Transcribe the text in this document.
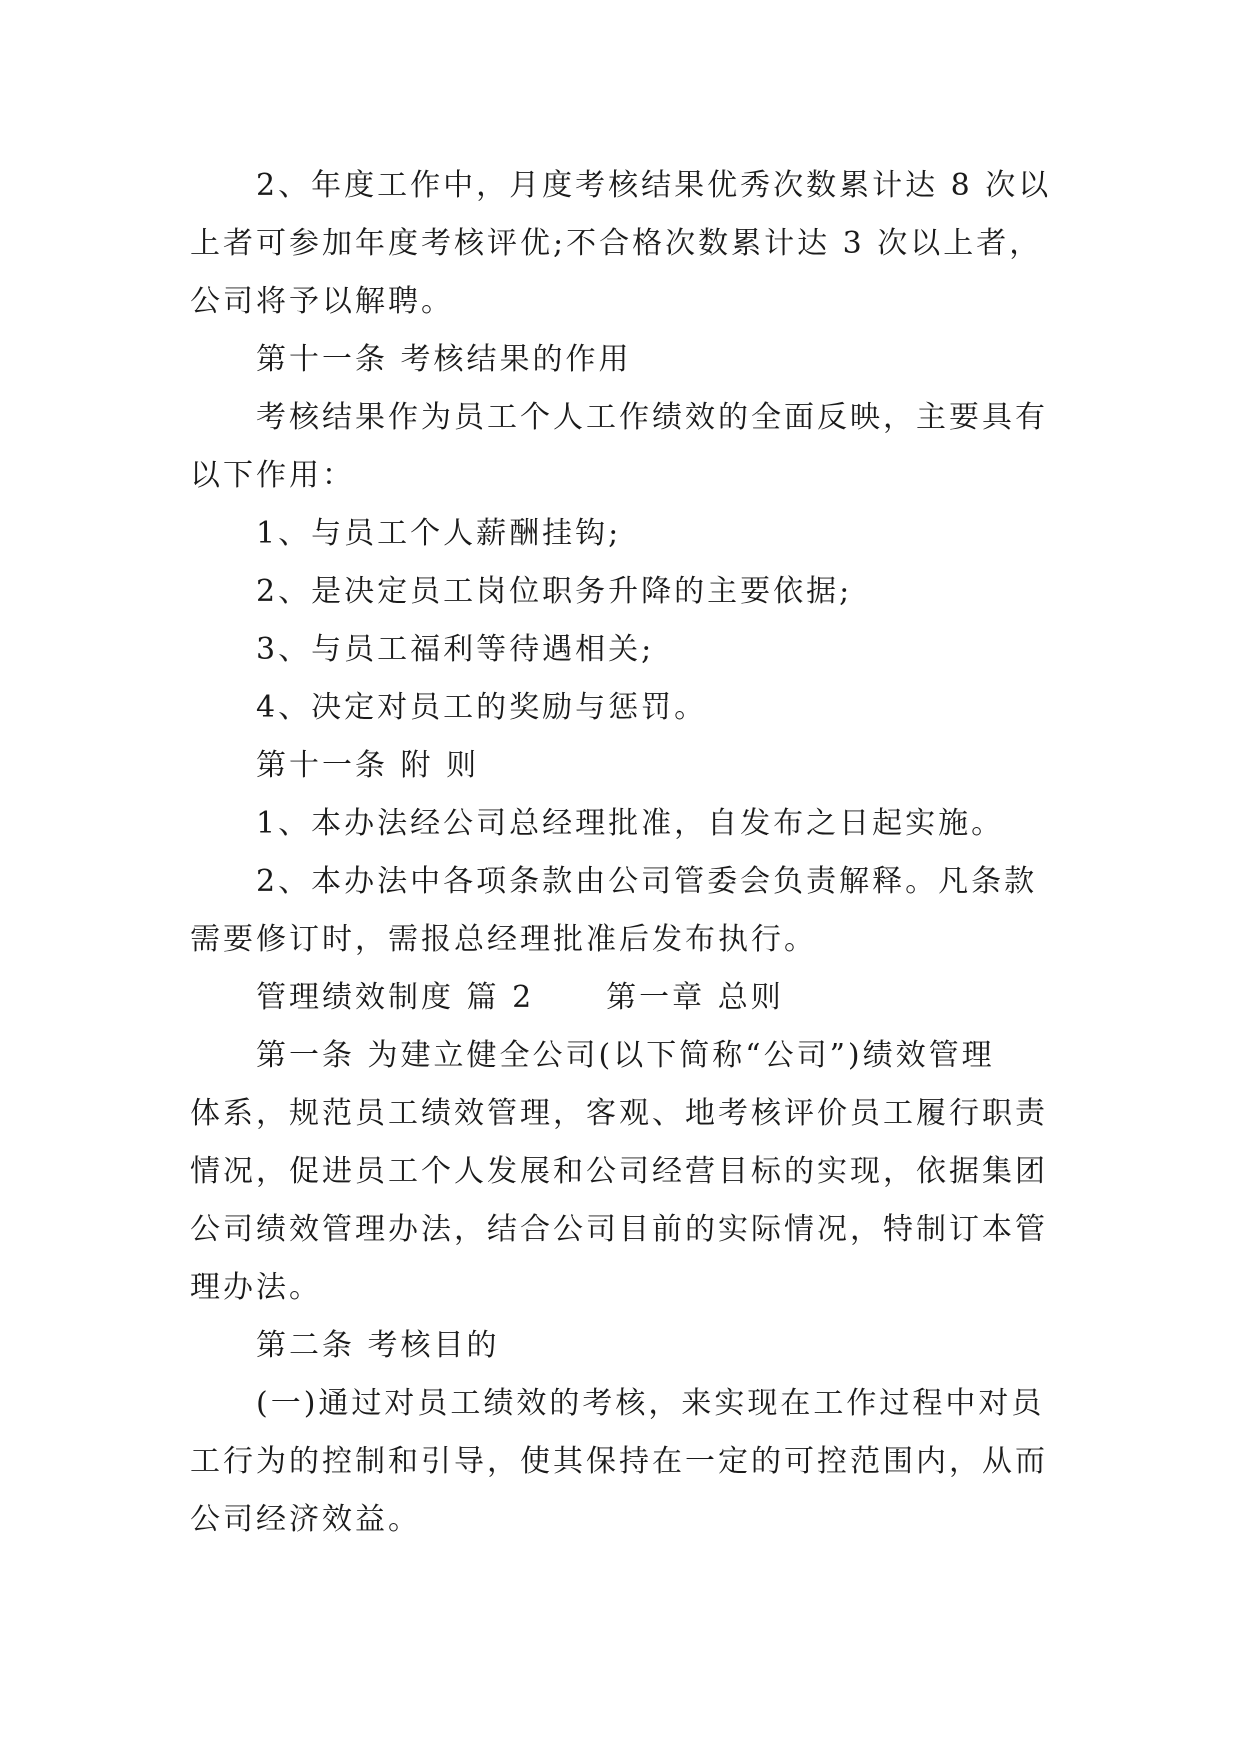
2、年度工作中，月度考核结果优秀次数累计达 8 次以
上者可参加年度考核评优;不合格次数累计达 3 次以上者，
公司将予以解聘。
第十一条 考核结果的作用
考核结果作为员工个人工作绩效的全面反映，主要具有
以下作用：
1、与员工个人薪酬挂钩;
2、是决定员工岗位职务升降的主要依据;
3、与员工福利等待遇相关;
4、决定对员工的奖励与惩罚。
第十一条 附 则
1、本办法经公司总经理批准，自发布之日起实施。
2、本办法中各项条款由公司管委会负责解释。凡条款
需要修订时，需报总经理批准后发布执行。
管理绩效制度 篇 2 第一章 总则
第一条 为建立健全公司(以下简称“公司”)绩效管理
体系，规范员工绩效管理，客观、地考核评价员工履行职责
情况，促进员工个人发展和公司经营目标的实现，依据集团
公司绩效管理办法，结合公司目前的实际情况，特制订本管
理办法。
第二条 考核目的
(一)通过对员工绩效的考核，来实现在工作过程中对员
工行为的控制和引导，使其保持在一定的可控范围内，从而
公司经济效益。
